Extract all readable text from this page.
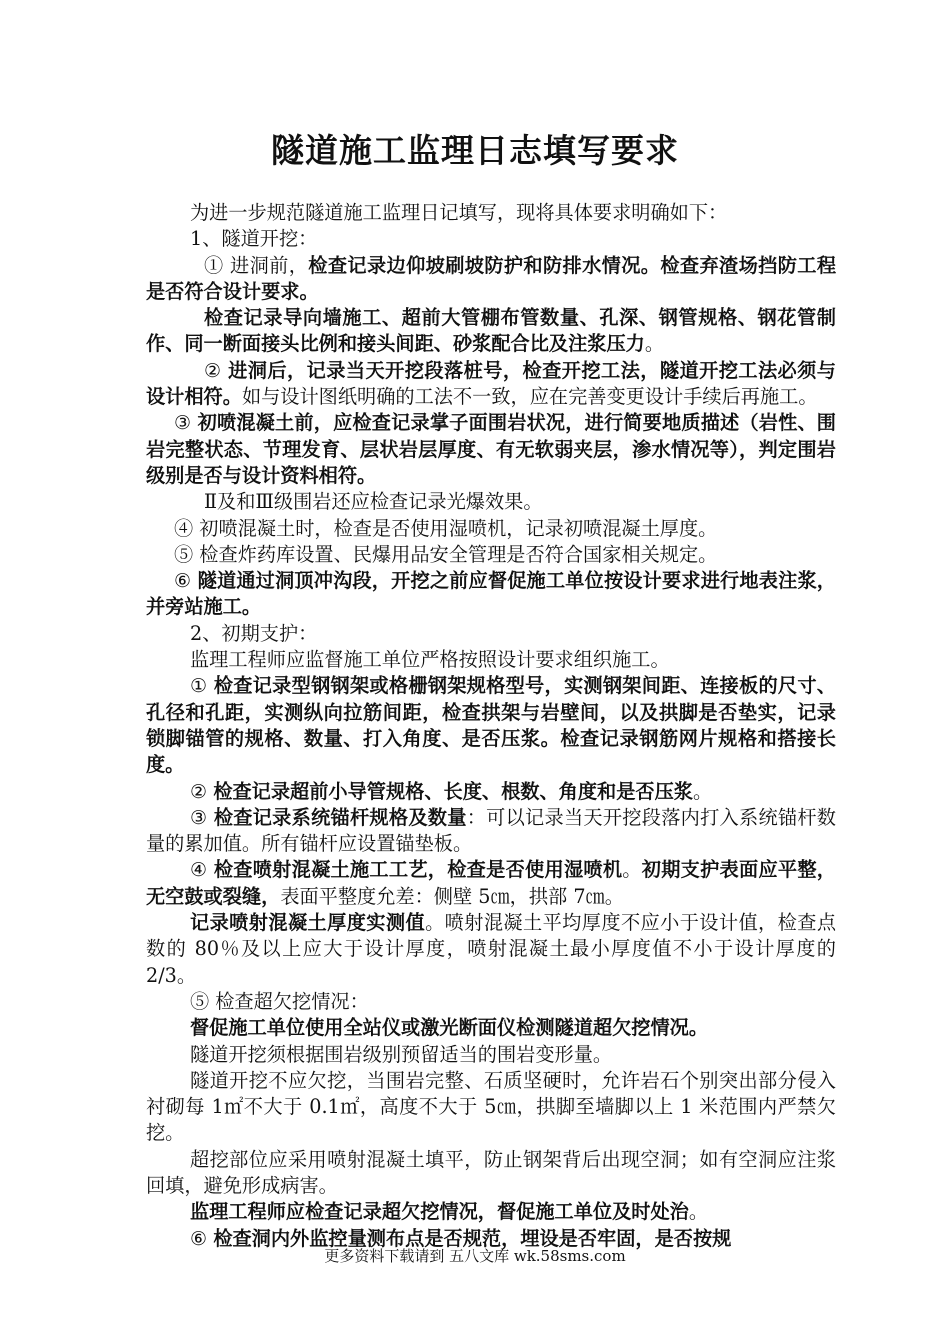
隧道施工监理日志填写要求

为进一步规范隧道施工监理日记填写，现将具体要求明确如下：

1、隧道开挖：

① 进洞前，检查记录边仰坡刷坡防护和防排水情况。检查弃渣场挡防工程是否符合设计要求。

检查记录导向墙施工、超前大管棚布管数量、孔深、钢管规格、钢花管制作、同一断面接头比例和接头间距、砂浆配合比及注浆压力。

② 进洞后，记录当天开挖段落桩号，检查开挖工法，隧道开挖工法必须与设计相符。如与设计图纸明确的工法不一致，应在完善变更设计手续后再施工。

③ 初喷混凝土前，应检查记录掌子面围岩状况，进行简要地质描述（岩性、围岩完整状态、节理发育、层状岩层厚度、有无软弱夹层，渗水情况等），判定围岩级别是否与设计资料相符。

Ⅱ及和Ⅲ级围岩还应检查记录光爆效果。

④ 初喷混凝土时，检查是否使用湿喷机，记录初喷混凝土厚度。

⑤ 检查炸药库设置、民爆用品安全管理是否符合国家相关规定。

⑥ 隧道通过洞顶冲沟段，开挖之前应督促施工单位按设计要求进行地表注浆，并旁站施工。

2、初期支护：

监理工程师应监督施工单位严格按照设计要求组织施工。

① 检查记录型钢钢架或格栅钢架规格型号，实测钢架间距、连接板的尺寸、孔径和孔距，实测纵向拉筋间距，检查拱架与岩壁间，以及拱脚是否垫实，记录锁脚锚管的规格、数量、打入角度、是否压浆。检查记录钢筋网片规格和搭接长度。

② 检查记录超前小导管规格、长度、根数、角度和是否压浆。

③ 检查记录系统锚杆规格及数量：可以记录当天开挖段落内打入系统锚杆数量的累加值。所有锚杆应设置锚垫板。

④ 检查喷射混凝土施工工艺，检查是否使用湿喷机。初期支护表面应平整，无空鼓或裂缝，表面平整度允差：侧壁 5㎝，拱部 7㎝。

记录喷射混凝土厚度实测值。喷射混凝土平均厚度不应小于设计值，检查点数的 80％及以上应大于设计厚度，喷射混凝土最小厚度值不小于设计厚度的 2/3。

⑤ 检查超欠挖情况：

督促施工单位使用全站仪或激光断面仪检测隧道超欠挖情况。

隧道开挖须根据围岩级别预留适当的围岩变形量。

隧道开挖不应欠挖，当围岩完整、石质坚硬时，允许岩石个别突出部分侵入衬砌每 1㎡不大于 0.1㎡，高度不大于 5㎝，拱脚至墙脚以上 1 米范围内严禁欠挖。

超挖部位应采用喷射混凝土填平，防止钢架背后出现空洞；如有空洞应注浆回填，避免形成病害。

监理工程师应检查记录超欠挖情况，督促施工单位及时处治。

⑥ 检查洞内外监控量测布点是否规范，埋设是否牢固，是否按规

更多资料下载请到 五八文库 wk.58sms.com
